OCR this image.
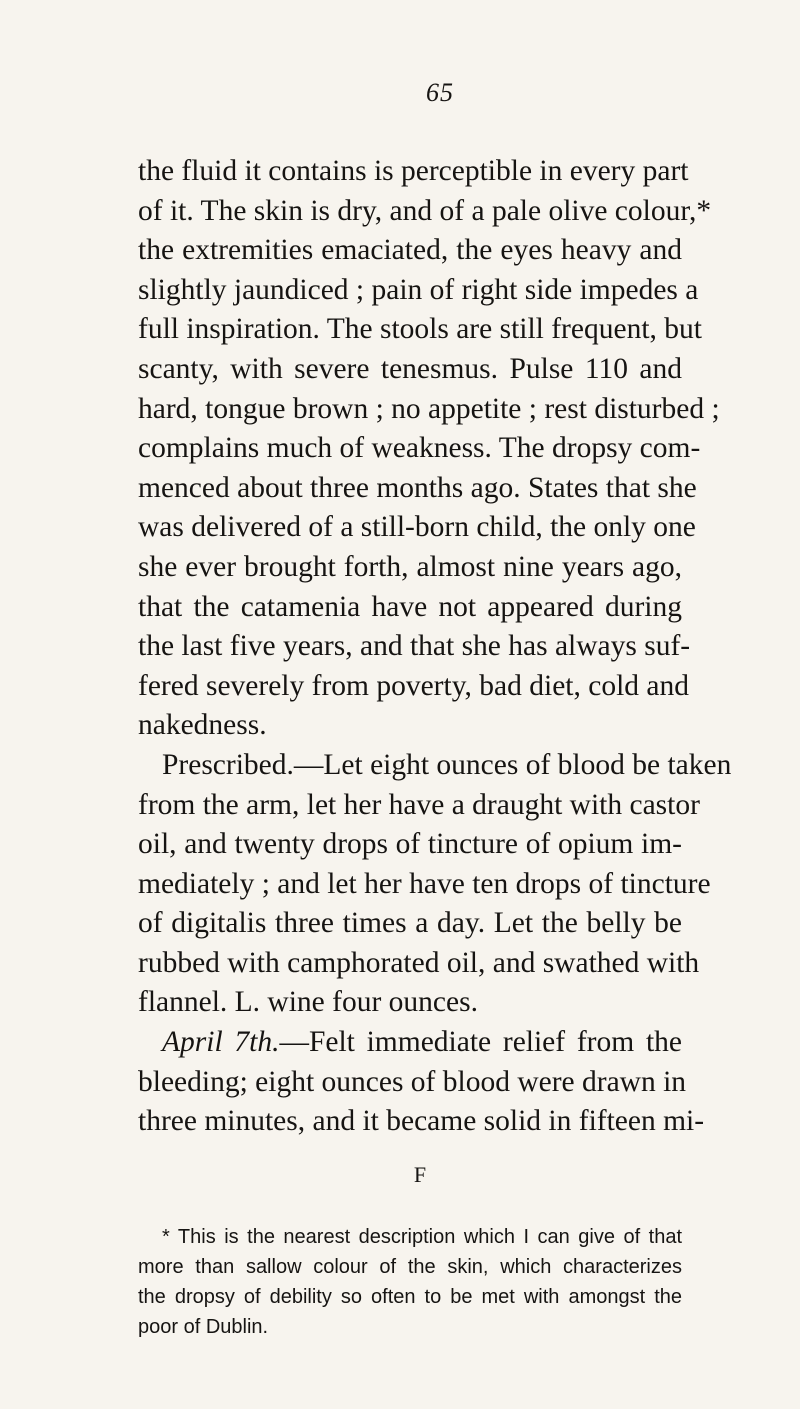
65
the fluid it contains is perceptible in every part
of it. The skin is dry, and of a pale olive colour,*
the extremities emaciated, the eyes heavy and
slightly jaundiced ; pain of right side impedes a
full inspiration. The stools are still frequent, but
scanty, with severe tenesmus. Pulse 110 and
hard, tongue brown ; no appetite ; rest disturbed ;
complains much of weakness. The dropsy com-
menced about three months ago. States that she
was delivered of a still-born child, the only one
she ever brought forth, almost nine years ago,
that the catamenia have not appeared during
the last five years, and that she has always suf-
fered severely from poverty, bad diet, cold and
nakedness.
Prescribed.—Let eight ounces of blood be taken
from the arm, let her have a draught with castor
oil, and twenty drops of tincture of opium im-
mediately ; and let her have ten drops of tincture
of digitalis three times a day. Let the belly be
rubbed with camphorated oil, and swathed with
flannel. L. wine four ounces.
April 7th.—Felt immediate relief from the
bleeding; eight ounces of blood were drawn in
three minutes, and it became solid in fifteen mi-
F
* This is the nearest description which I can give of that
more than sallow colour of the skin, which characterizes
the dropsy of debility so often to be met with amongst the
poor of Dublin.
